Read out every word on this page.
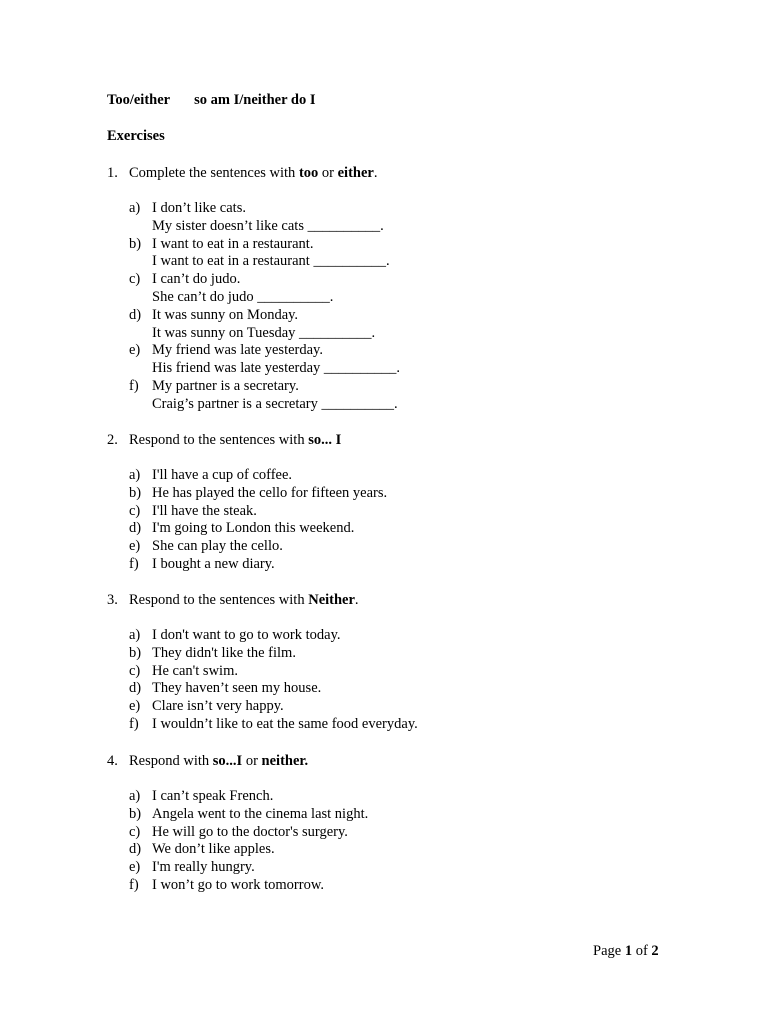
Too/either so am I/neither do I
Exercises
1. Complete the sentences with too or either.
a) I don’t like cats.
My sister doesn’t like cats __________.
b) I want to eat in a restaurant.
I want to eat in a restaurant __________.
c) I can’t do judo.
She can’t do judo __________.
d) It was sunny on Monday.
It was sunny on Tuesday __________.
e) My friend was late yesterday.
His friend was late yesterday __________.
f) My partner is a secretary.
Craig’s partner is a secretary __________.
2. Respond to the sentences with so... I
a) I'll have a cup of coffee.
b) He has played the cello for fifteen years.
c) I'll have the steak.
d) I'm going to London this weekend.
e) She can play the cello.
f) I bought a new diary.
3. Respond to the sentences with Neither.
a) I don't want to go to work today.
b) They didn't like the film.
c) He can't swim.
d) They haven’t seen my house.
e) Clare isn’t very happy.
f) I wouldn’t like to eat the same food everyday.
4. Respond with so...I or neither.
a) I can’t speak French.
b) Angela went to the cinema last night.
c) He will go to the doctor's surgery.
d) We don’t like apples.
e) I'm really hungry.
f) I won’t go to work tomorrow.
Page 1 of 2
